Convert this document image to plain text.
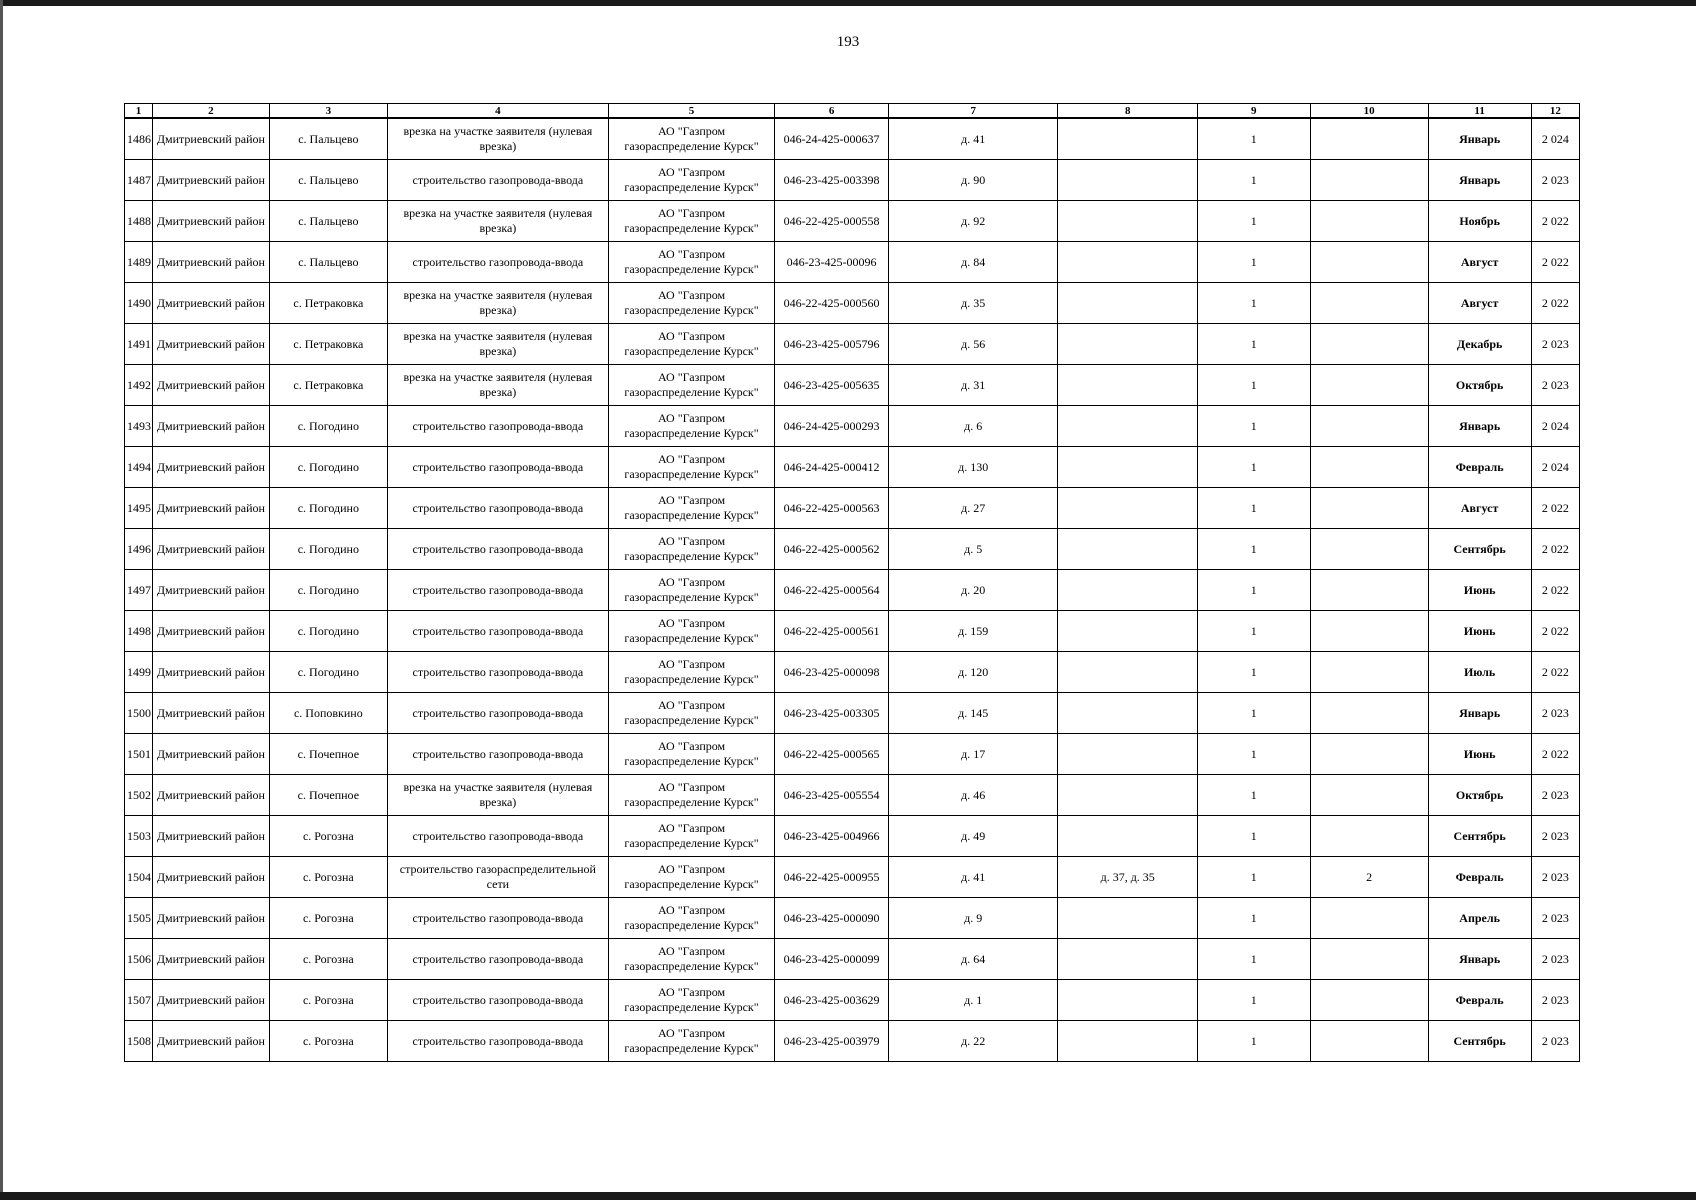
193
1	2	3	4	5	6	7	8	9	10	11	12
1486	Дмитриевский район	с. Пальцево	врезка на участке заявителя (нулевая врезка)	АО "Газпром газораспределение Курск"	046-24-425-000637	д. 41		1		Январь	2 024
1487	Дмитриевский район	с. Пальцево	строительство газопровода-ввода	АО "Газпром газораспределение Курск"	046-23-425-003398	д. 90		1		Январь	2 023
1488	Дмитриевский район	с. Пальцево	врезка на участке заявителя (нулевая врезка)	АО "Газпром газораспределение Курск"	046-22-425-000558	д. 92		1		Ноябрь	2 022
1489	Дмитриевский район	с. Пальцево	строительство газопровода-ввода	АО "Газпром газораспределение Курск"	046-23-425-00096	д. 84		1		Август	2 022
1490	Дмитриевский район	с. Петраковка	врезка на участке заявителя (нулевая врезка)	АО "Газпром газораспределение Курск"	046-22-425-000560	д. 35		1		Август	2 022
1491	Дмитриевский район	с. Петраковка	врезка на участке заявителя (нулевая врезка)	АО "Газпром газораспределение Курск"	046-23-425-005796	д. 56		1		Декабрь	2 023
1492	Дмитриевский район	с. Петраковка	врезка на участке заявителя (нулевая врезка)	АО "Газпром газораспределение Курск"	046-23-425-005635	д. 31		1		Октябрь	2 023
1493	Дмитриевский район	с. Погодино	строительство газопровода-ввода	АО "Газпром газораспределение Курск"	046-24-425-000293	д. 6		1		Январь	2 024
1494	Дмитриевский район	с. Погодино	строительство газопровода-ввода	АО "Газпром газораспределение Курск"	046-24-425-000412	д. 130		1		Февраль	2 024
1495	Дмитриевский район	с. Погодино	строительство газопровода-ввода	АО "Газпром газораспределение Курск"	046-22-425-000563	д. 27		1		Август	2 022
1496	Дмитриевский район	с. Погодино	строительство газопровода-ввода	АО "Газпром газораспределение Курск"	046-22-425-000562	д. 5		1		Сентябрь	2 022
1497	Дмитриевский район	с. Погодино	строительство газопровода-ввода	АО "Газпром газораспределение Курск"	046-22-425-000564	д. 20		1		Июнь	2 022
1498	Дмитриевский район	с. Погодино	строительство газопровода-ввода	АО "Газпром газораспределение Курск"	046-22-425-000561	д. 159		1		Июнь	2 022
1499	Дмитриевский район	с. Погодино	строительство газопровода-ввода	АО "Газпром газораспределение Курск"	046-23-425-000098	д. 120		1		Июль	2 022
1500	Дмитриевский район	с. Поповкино	строительство газопровода-ввода	АО "Газпром газораспределение Курск"	046-23-425-003305	д. 145		1		Январь	2 023
1501	Дмитриевский район	с. Почепное	строительство газопровода-ввода	АО "Газпром газораспределение Курск"	046-22-425-000565	д. 17		1		Июнь	2 022
1502	Дмитриевский район	с. Почепное	врезка на участке заявителя (нулевая врезка)	АО "Газпром газораспределение Курск"	046-23-425-005554	д. 46		1		Октябрь	2 023
1503	Дмитриевский район	с. Рогозна	строительство газопровода-ввода	АО "Газпром газораспределение Курск"	046-23-425-004966	д. 49		1		Сентябрь	2 023
1504	Дмитриевский район	с. Рогозна	строительство газораспределительной сети	АО "Газпром газораспределение Курск"	046-22-425-000955	д. 41	д. 37, д. 35	1	2	Февраль	2 023
1505	Дмитриевский район	с. Рогозна	строительство газопровода-ввода	АО "Газпром газораспределение Курск"	046-23-425-000090	д. 9		1		Апрель	2 023
1506	Дмитриевский район	с. Рогозна	строительство газопровода-ввода	АО "Газпром газораспределение Курск"	046-23-425-000099	д. 64		1		Январь	2 023
1507	Дмитриевский район	с. Рогозна	строительство газопровода-ввода	АО "Газпром газораспределение Курск"	046-23-425-003629	д. 1		1		Февраль	2 023
1508	Дмитриевский район	с. Рогозна	строительство газопровода-ввода	АО "Газпром газораспределение Курск"	046-23-425-003979	д. 22		1		Сентябрь	2 023
